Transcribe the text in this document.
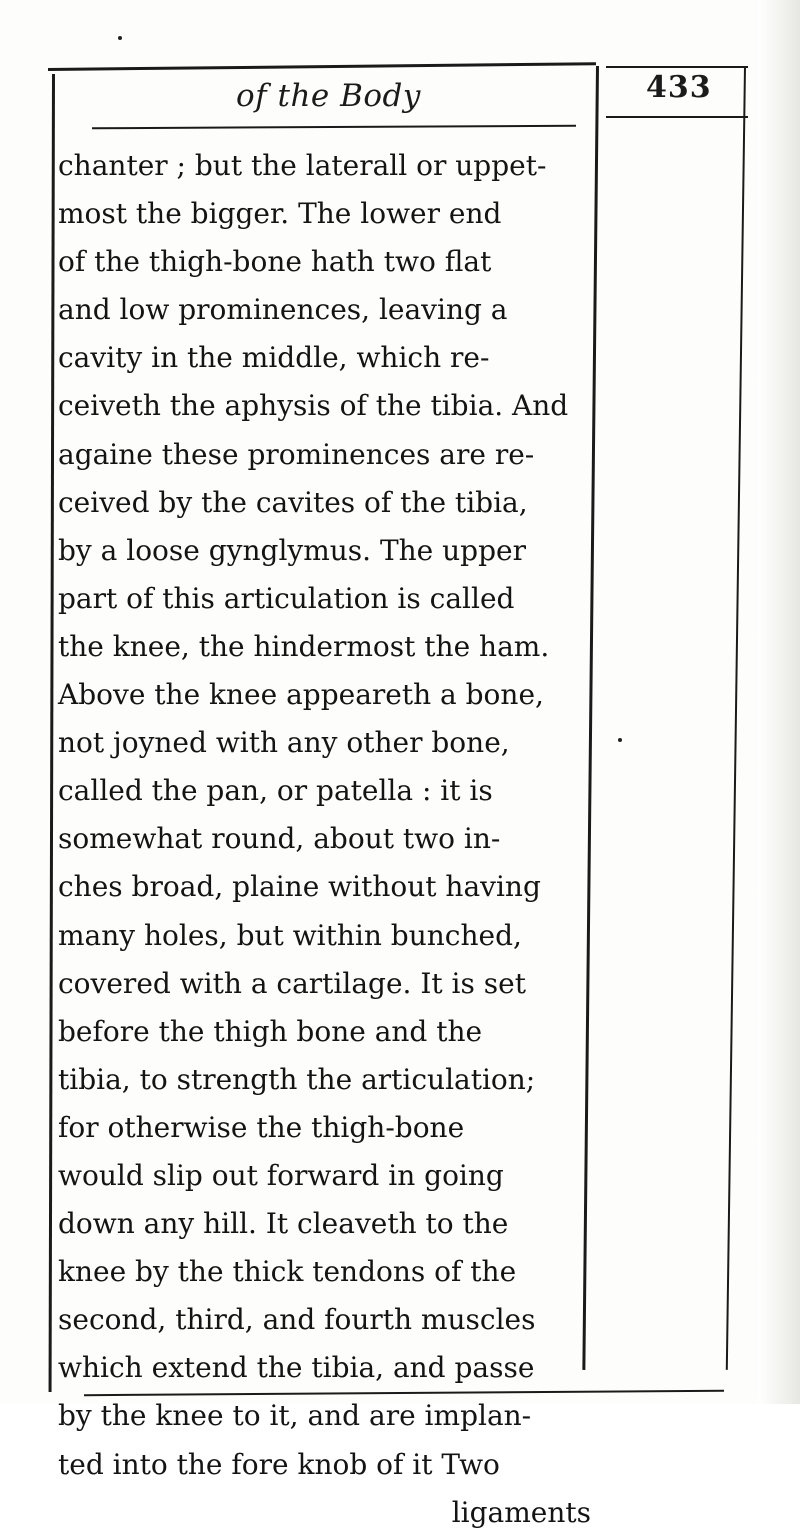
of the Body	433
chanter ; but the laterall or uppet-
most the bigger. The lower end
of the thigh-bone hath two flat
and low prominences, leaving a
cavity in the middle, which re-
ceiveth the aphysis of the tibia. And
againe these prominences are re-
ceived by the cavites of the tibia,
by a loose gynglymus. The upper
part of this articulation is called
the knee, the hindermost the ham.
Above the knee appeareth a bone,
not joyned with any other bone,
called the pan, or patella : it is
somewhat round, about two in-
ches broad, plaine without having
many holes, but within bunched,
covered with a cartilage. It is set
before the thigh bone and the
tibia, to strength the articulation;
for otherwise the thigh-bone
would slip out forward in going
down any hill. It cleaveth to the
knee by the thick tendons of the
second, third, and fourth muscles
which extend the tibia, and passe
by the knee to it, and are implan-
ted into the fore knob of it Two
ligaments
